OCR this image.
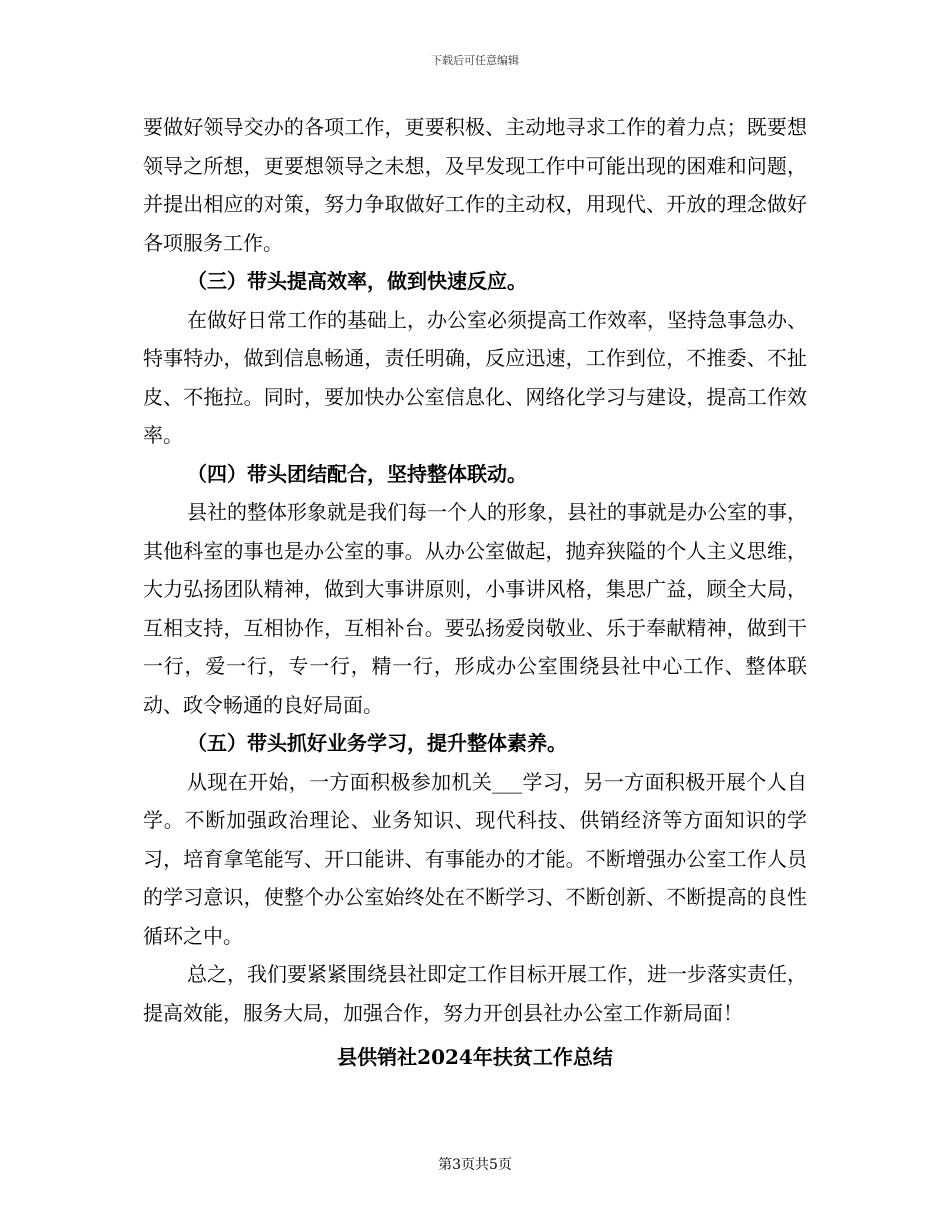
下载后可任意编辑

要做好领导交办的各项工作，更要积极、主动地寻求工作的着力点；既要想领导之所想，更要想领导之未想，及早发现工作中可能出现的困难和问题，并提出相应的对策，努力争取做好工作的主动权，用现代、开放的理念做好各项服务工作。

（三）带头提高效率，做到快速反应。

在做好日常工作的基础上，办公室必须提高工作效率，坚持急事急办、特事特办，做到信息畅通，责任明确，反应迅速，工作到位，不推委、不扯皮、不拖拉。同时，要加快办公室信息化、网络化学习与建设，提高工作效率。

（四）带头团结配合，坚持整体联动。

县社的整体形象就是我们每一个人的形象，县社的事就是办公室的事，其他科室的事也是办公室的事。从办公室做起，抛弃狭隘的个人主义思维，大力弘扬团队精神，做到大事讲原则，小事讲风格，集思广益，顾全大局，互相支持，互相协作，互相补台。要弘扬爱岗敬业、乐于奉献精神，做到干一行，爱一行，专一行，精一行，形成办公室围绕县社中心工作、整体联动、政令畅通的良好局面。

（五）带头抓好业务学习，提升整体素养。

从现在开始，一方面积极参加机关___学习，另一方面积极开展个人自学。不断加强政治理论、业务知识、现代科技、供销经济等方面知识的学习，培育拿笔能写、开口能讲、有事能办的才能。不断增强办公室工作人员的学习意识，使整个办公室始终处在不断学习、不断创新、不断提高的良性循环之中。

总之，我们要紧紧围绕县社即定工作目标开展工作，进一步落实责任，提高效能，服务大局，加强合作，努力开创县社办公室工作新局面！

县供销社2024年扶贫工作总结

第3页共5页
